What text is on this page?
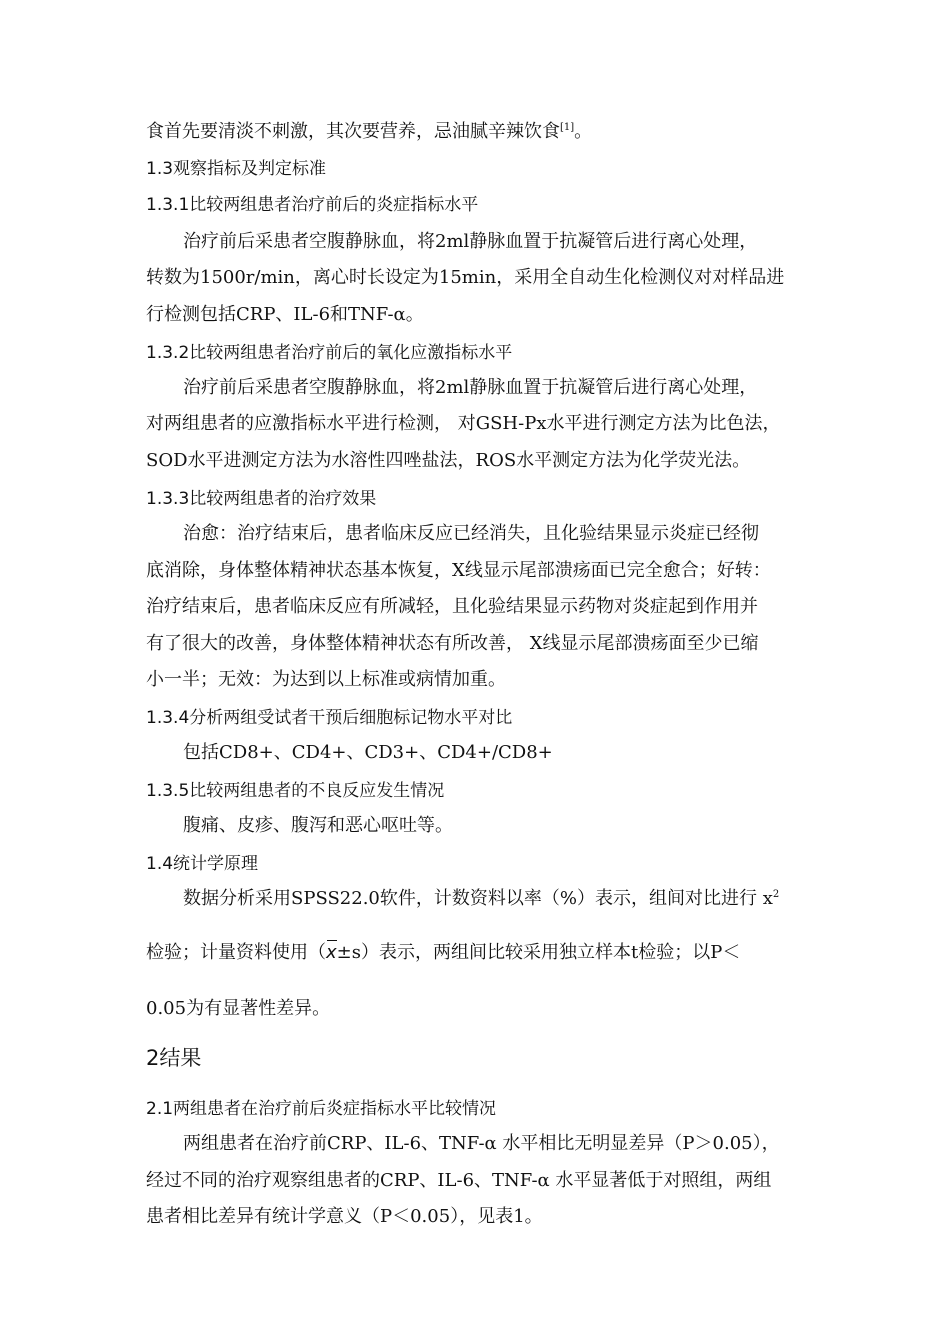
食首先要清淡不刺激，其次要营养，忌油腻辛辣饮食[1]。

1.3观察指标及判定标准

1.3.1比较两组患者治疗前后的炎症指标水平

治疗前后采患者空腹静脉血，将2ml静脉血置于抗凝管后进行离心处理，

转数为1500r/min，离心时长设定为15min，采用全自动生化检测仪对对样品进

行检测包括CRP、IL-6和TNF-α。

1.3.2比较两组患者治疗前后的氧化应激指标水平

治疗前后采患者空腹静脉血，将2ml静脉血置于抗凝管后进行离心处理，

对两组患者的应激指标水平进行检测， 对GSH-Px水平进行测定方法为比色法，

SOD水平进测定方法为水溶性四唑盐法，ROS水平测定方法为化学荧光法。

1.3.3比较两组患者的治疗效果

治愈：治疗结束后，患者临床反应已经消失，且化验结果显示炎症已经彻

底消除，身体整体精神状态基本恢复，X线显示尾部溃疡面已完全愈合；好转：

治疗结束后，患者临床反应有所减轻，且化验结果显示药物对炎症起到作用并

有了很大的改善，身体整体精神状态有所改善， X线显示尾部溃疡面至少已缩

小一半；无效：为达到以上标准或病情加重。

1.3.4分析两组受试者干预后细胞标记物水平对比

包括CD8+、CD4+、CD3+、CD4+/CD8+

1.3.5比较两组患者的不良反应发生情况

腹痛、皮疹、腹泻和恶心呕吐等。

1.4统计学原理

数据分析采用SPSS22.0软件，计数资料以率（%）表示，组间对比进行 $x^2$

检验；计量资料使用（x±s）表示，两组间比较采用独立样本t检验；以P＜

0.05为有显著性差异。

2结果

2.1两组患者在治疗前后炎症指标水平比较情况

两组患者在治疗前CRP、IL-6、TNF-α 水平相比无明显差异（P＞0.05），

经过不同的治疗观察组患者的CRP、IL-6、TNF-α 水平显著低于对照组，两组

患者相比差异有统计学意义（P＜0.05），见表1。
